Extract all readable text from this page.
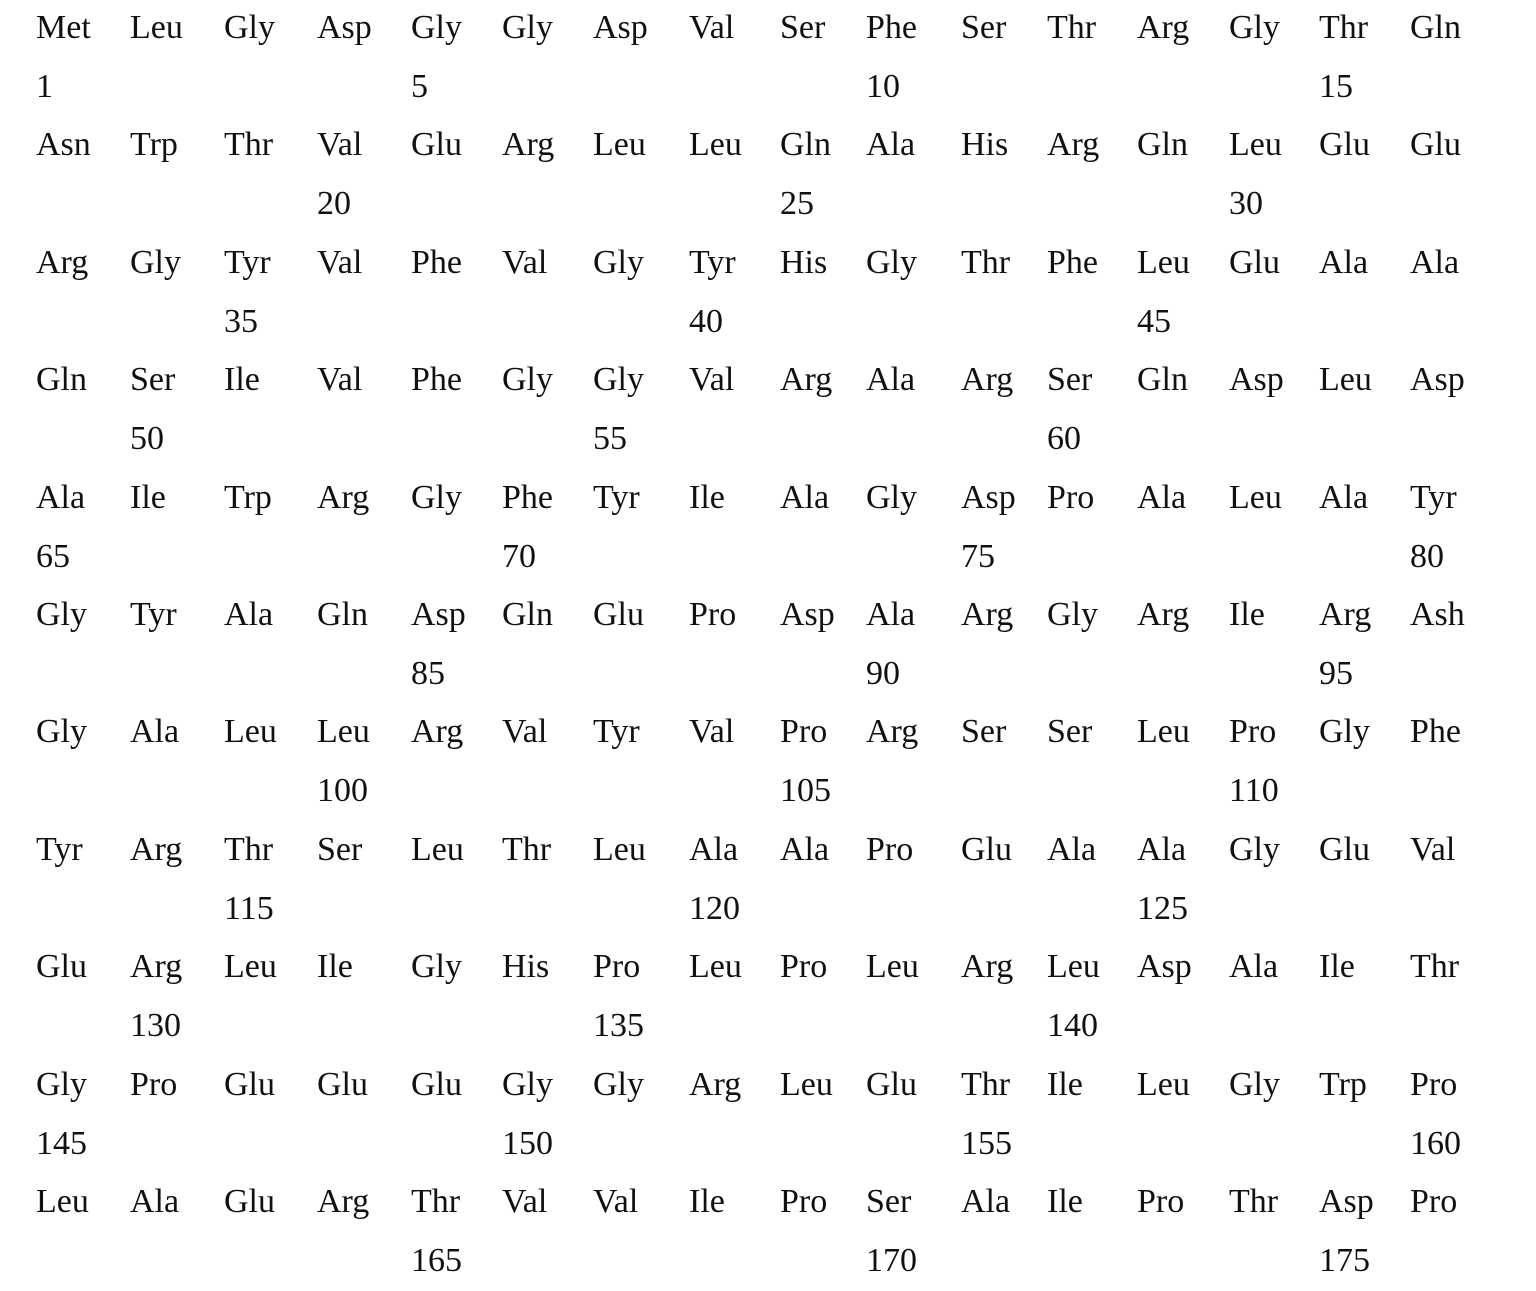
Met
1
Leu Gly Asp Gly
5
Gly Asp Val Ser Phe
10
Ser Thr Arg Gly Thr
15
Gln
Asn Trp Thr Val
20
Glu Arg Leu Leu Gln
25
Ala His Arg Gln Leu
30
Glu Glu
Arg Gly Tyr
35
Val Phe Val Gly Tyr
40
His Gly Thr Phe Leu
45
Glu Ala Ala
Gln Ser
50
Ile Val Phe Gly Gly
55
Val Arg Ala Arg Ser
60
Gln Asp Leu Asp
Ala
65
Ile Trp Arg Gly Phe
70
Tyr Ile Ala Gly Asp
75
Pro Ala Leu Ala Tyr
80
Gly Tyr Ala Gln Asp
85
Gln Glu Pro Asp Ala
90
Arg Gly Arg Ile Arg
95
Ash
Gly Ala Leu Leu
100
Arg Val Tyr Val Pro
105
Arg Ser Ser Leu Pro
110
Gly Phe
Tyr Arg Thr
115
Ser Leu Thr Leu Ala
120
Ala Pro Glu Ala Ala
125
Gly Glu Val
Glu Arg
130
Leu Ile Gly His Pro
135
Leu Pro Leu Arg Leu
140
Asp Ala Ile Thr
Gly
145
Pro Glu Glu Glu Gly
150
Gly Arg Leu Glu Thr
155
Ile Leu Gly Trp Pro
160
Leu Ala Glu Arg Thr
165
Val Val Ile Pro Ser
170
Ala Ile Pro Thr Asp
175
Pro
